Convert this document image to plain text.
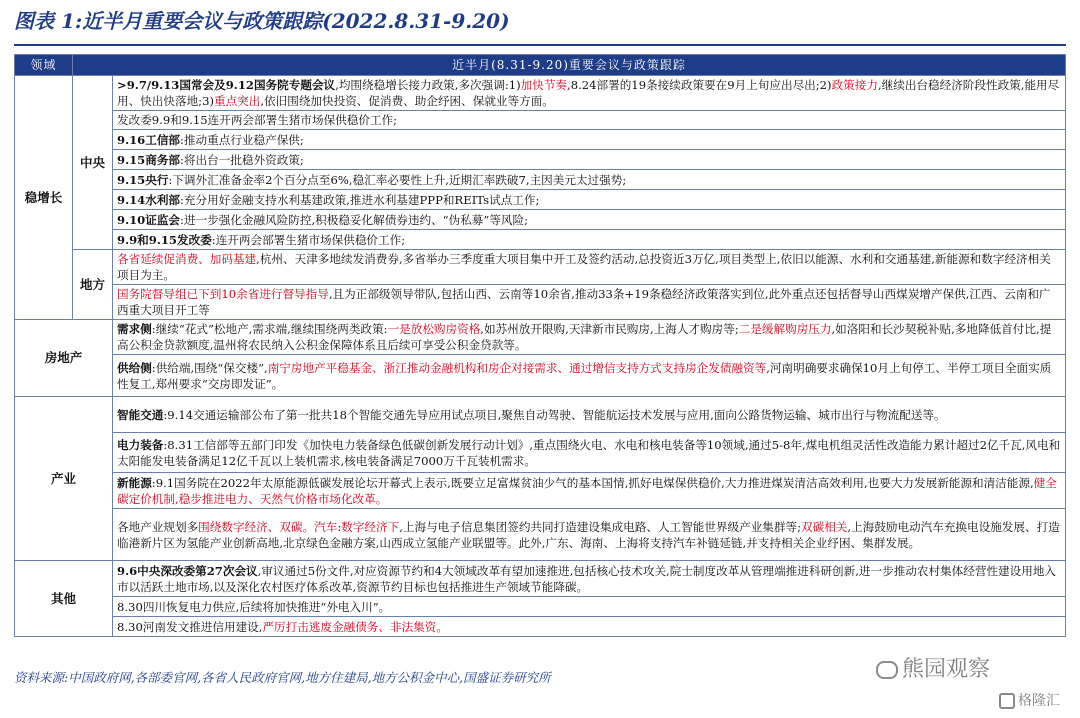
图表 1:近半月重要会议与政策跟踪(2022.8.31-9.20)
领域	近半月(8.31-9.20)重要会议与政策跟踪	
稳增长	中央	>9.7/9.13国常会及9.12国务院专题会议,均围绕稳增长接力政策,多次强调:1)加快节奏,8.24部署的19条接续政策要在9月上旬应出尽出;2)政策接力,继续出台稳经济阶段性政策,能用尽用、快出快落地;3)重点突出,依旧围绕加快投资、促消费、助企纾困、保就业等方面。
		发改委9.9和9.15连开两会部署生猪市场保供稳价工作;
		9.16工信部:推动重点行业稳产保供;
		9.15商务部:将出台一批稳外资政策;
		9.15央行:下调外汇准备金率2个百分点至6%,稳汇率必要性上升,近期汇率跌破7,主因美元太过强势;
		9.14水利部:充分用好金融支持水利基建政策,推进水利基建PPP和REITs试点工作;
		9.10证监会:进一步强化金融风险防控,积极稳妥化解债券违约、“伪私募”等风险;
		9.9和9.15发改委:连开两会部署生猪市场保供稳价工作;
	地方	各省延续促消费、加码基建,杭州、天津多地续发消费券,多省举办三季度重大项目集中开工及签约活动,总投资近3万亿,项目类型上,依旧以能源、水利和交通基建,新能源和数字经济相关项目为主。
		国务院督导组已下到10余省进行督导指导,且为正部级领导带队,包括山西、云南等10余省,推动33条+19条稳经济政策落实到位,此外重点还包括督导山西煤炭增产保供,江西、云南和广西重大项目开工等
房地产		需求侧:继续“花式”松地产,需求端,继续围绕两类政策:一是放松购房资格,如苏州放开限购,天津新市民购房,上海人才购房等;二是缓解购房压力,如洛阳和长沙契税补贴,多地降低首付比,提高公积金贷款额度,温州将农民纳入公积金保障体系且后续可享受公积金贷款等。
		供给侧:供给端,围绕“保交楼”,南宁房地产平稳基金、浙江推动金融机构和房企对接需求、通过增信支持方式支持房企发债融资等,河南明确要求确保10月上旬停工、半停工项目全面实质性复工,郑州要求“交房即发证”。
产业		智能交通:9.14交通运输部公布了第一批共18个智能交通先导应用试点项目,聚焦自动驾驶、智能航运技术发展与应用,面向公路货物运输、城市出行与物流配送等。
		电力装备:8.31工信部等五部门印发《加快电力装备绿色低碳创新发展行动计划》,重点围绕火电、水电和核电装备等10领域,通过5-8年,煤电机组灵活性改造能力累计超过2亿千瓦,风电和太阳能发电装备满足12亿千瓦以上装机需求,核电装备满足7000万千瓦装机需求。
		新能源:9.1国务院在2022年太原能源低碳发展论坛开幕式上表示,既要立足富煤贫油少气的基本国情,抓好电煤保供稳价,大力推进煤炭清洁高效利用,也要大力发展新能源和清洁能源,健全碳定价机制,稳步推进电力、天然气价格市场化改革。
		各地产业规划多围绕数字经济、双碳。汽车:数字经济下,上海与电子信息集团签约共同打造建设集成电路、人工智能世界级产业集群等;双碳相关,上海鼓励电动汽车充换电设施发展、打造临港新片区为氢能产业创新高地,北京绿色金融方案,山西成立氢能产业联盟等。此外,广东、海南、上海将支持汽车补链延链,并支持相关企业纾困、集群发展。
其他		9.6中央深改委第27次会议,审议通过5份文件,对应资源节约和4大领域改革有望加速推进,包括核心技术攻关,院士制度改革从管理端推进科研创新,进一步推动农村集体经营性建设用地入市以活跃土地市场,以及深化农村医疗体系改革,资源节约目标也包括推进生产领域节能降碳。
		8.30四川恢复电力供应,后续将加快推进“外电入川”。
		8.30河南发文推进信用建设,严厉打击逃废金融债务、非法集资。
资料来源:中国政府网,各部委官网,各省人民政府官网,地方住建局,地方公积金中心,国盛证券研究所	熊园观察
格隆汇
